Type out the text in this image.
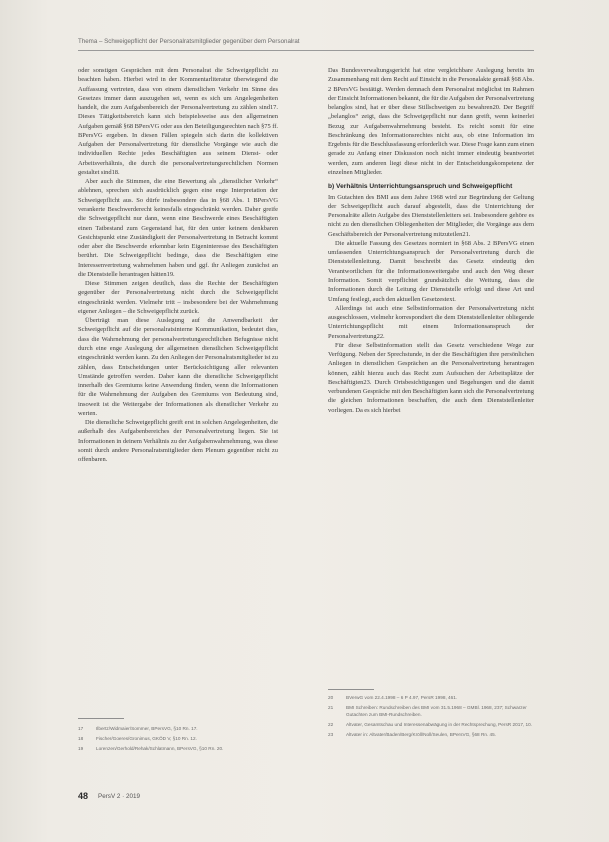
Thema – Schweigepflicht der Personalratsmitglieder gegenüber dem Personalrat

oder sonstigen Gesprächen mit dem Personalrat die Schweigepflicht zu beachten haben. Hierbei wird in der Kommentarliteratur überwiegend die Auffassung vertreten, dass von einem dienstlichen Verkehr im Sinne des Gesetzes immer dann auszugehen sei, wenn es sich um Angelegenheiten handelt, die zum Aufgabenbereich der Personalvertretung zu zählen sind17. Dieses Tätigkeitsbereich kann sich beispielsweise aus den allgemeinen Aufgaben gemäß §68 BPersVG oder aus den Beteiligungsrechten nach §75 ff. BPersVG ergeben. In diesen Fällen spiegeln sich darin die kollektiven Aufgaben der Personalvertretung für dienstliche Vorgänge wie auch die individuellen Rechte jedes Beschäftigten aus seinem Dienst- oder Arbeitsverhältnis, die durch die personalvertretungsrechtlichen Normen gestaltet sind18.

Aber auch die Stimmen, die eine Bewertung als „dienstlicher Verkehr“ ablehnen, sprechen sich ausdrücklich gegen eine enge Interpretation der Schweigepflicht aus. So dürfe insbesondere das in §68 Abs. 1 BPersVG verankerte Beschwerderecht keinesfalls eingeschränkt werden. Daher greife die Schweigepflicht nur dann, wenn eine Beschwerde eines Beschäftigten einen Tatbestand zum Gegenstand hat, für den unter keinem denkbaren Gesichtspunkt eine Zuständigkeit der Personalvertretung in Betracht kommt oder aber die Beschwerde erkennbar kein Eigeninteresse des Beschäftigten berührt. Die Schweigepflicht bedinge, dass die Beschäftigten eine Interessenvertretung wahrnehmen haben und ggf. ihr Anliegen zunächst an die Dienststelle herantragen hätten19.

Diese Stimmen zeigen deutlich, dass die Rechte der Beschäftigten gegenüber der Personalvertretung nicht durch die Schweigepflicht eingeschränkt werden. Vielmehr tritt – insbesondere bei der Wahrnehmung eigener Anliegen – die Schweigepflicht zurück.

Überträgt man diese Auslegung auf die Anwendbarkeit der Schweigepflicht auf die personalratsinterne Kommunikation, bedeutet dies, dass die Wahrnehmung der personalvertretungsrechtlichen Befugnisse nicht durch eine enge Auslegung der allgemeinen dienstlichen Schweigepflicht eingeschränkt werden kann. Zu den Anliegen der Personalratsmitglieder ist zu zählen, dass Entscheidungen unter Berücksichtigung aller relevanten Umstände getroffen werden. Daher kann die dienstliche Schweigepflicht innerhalb des Gremiums keine Anwendung finden, wenn die Informationen für die Wahrnehmung der Aufgaben des Gremiums von Bedeutung sind, insoweit ist die Weitergabe der Informationen als dienstlicher Verkehr zu werten.

Die dienstliche Schweigepflicht greift erst in solchen Angelegenheiten, die außerhalb des Aufgabenbereiches der Personalvertretung liegen. Sie ist Informationen in deinem Verhältnis zu der Aufgabenwahrnehmung, was diese somit durch andere Personalratsmitglieder dem Plenum gegenüber nicht zu offenbaren.

Das Bundesverwaltungsgericht hat eine vergleichbare Auslegung bereits im Zusammenhang mit dem Recht auf Einsicht in die Personalakte gemäß §68 Abs. 2 BPersVG bestätigt. Werden demnach dem Personalrat möglichst im Rahmen der Einsicht Informationen bekannt, die für die Aufgaben der Personalvertretung belanglos sind, hat er über diese Stillschweigen zu bewahren20. Der Begriff „belanglos“ zeigt, dass die Schweigepflicht nur dann greift, wenn keinerlei Bezug zur Aufgabenwahrnehmung besteht. Es reicht somit für eine Beschränkung des Informationsrechtes nicht aus, ob eine Information im Ergebnis für die Beschlussfassung erforderlich war. Diese Frage kann zum einen gerade zu Anfang einer Diskussion noch nicht immer eindeutig beantwortet werden, zum anderen liegt diese nicht in der Entscheidungskompetenz der einzelnen Mitglieder.

b) Verhältnis Unterrichtungsanspruch und Schweigepflicht

Im Gutachten des BMI aus dem Jahre 1968 wird zur Begründung der Geltung der Schweigepflicht auch darauf abgestellt, dass die Unterrichtung der Personalräte allein Aufgabe des Dienststellenleiters sei. Insbesondere gehöre es nicht zu den dienstlichen Obliegenheiten der Mitglieder, die Vorgänge aus dem Geschäftsbereich der Personalvertretung mitzuteilen21.

Die aktuelle Fassung des Gesetzes normiert in §68 Abs. 2 BPersVG einen umfassenden Unterrichtungsanspruch der Personalvertretung durch die Dienststellenleitung. Damit beschreibt das Gesetz eindeutig den Verantwortlichen für die Informationsweitergabe und auch den Weg dieser Information. Somit verpflichtet grundsätzlich die Weitung, dass die Informationen durch die Leitung der Dienststelle erfolgt und diese Art und Umfang festlegt, auch den aktuellen Gesetzestext.

Allerdings ist auch eine Selbstinformation der Personalvertretung nicht ausgeschlossen, vielmehr korrespondiert die dem Dienststellenleiter obliegende Unterrichtungspflicht mit einem Informationsanspruch der Personalvertretung22.

Für diese Selbstinformation stellt das Gesetz verschiedene Wege zur Verfügung. Neben der Sprechstunde, in der die Beschäftigten ihre persönlichen Anliegen in dienstlichen Gesprächen an die Personalvertretung herantragen können, zählt hierzu auch das Recht zum Aufsuchen der Arbeitsplätze der Beschäftigten23. Durch Ortsbesichtigungen und Begehungen und die damit verbundenen Gespräche mit den Beschäftigten kann sich die Personalvertretung die gleichen Informationen beschaffen, die auch dem Dienststellenleiter vorliegen. Da es sich hierbei

17	Ilbertz/Widmaier/Sommer, BPersVG, §10 Rn. 17.
18	Fischer/Goeres/Gronimus, GKÖD V, §10 Rn. 12.
19	Lorenzen/Gerhold/Rehak/Schlatmann, BPersVG, §10 Rn. 20.
20	BVerwG vom 22.4.1998 – 6 P 4.97, PersR 1998, 461.
21	BMI Schreiben: Rundschreiben des BMI vom 31.5.1968 – GMBl. 1968, 237; Schwarzer Gutachten zum BMI-Rundschreiben.
22	Altvater, Gesamtschau und Interessenabwägung in der Rechtsprechung, PersR 2017, 10.
23	Altvater in: Altvater/Baden/Berg/Kröll/Noll/Seulen, BPersVG, §68 Rn. 45.
48 PersV 2 · 2019
